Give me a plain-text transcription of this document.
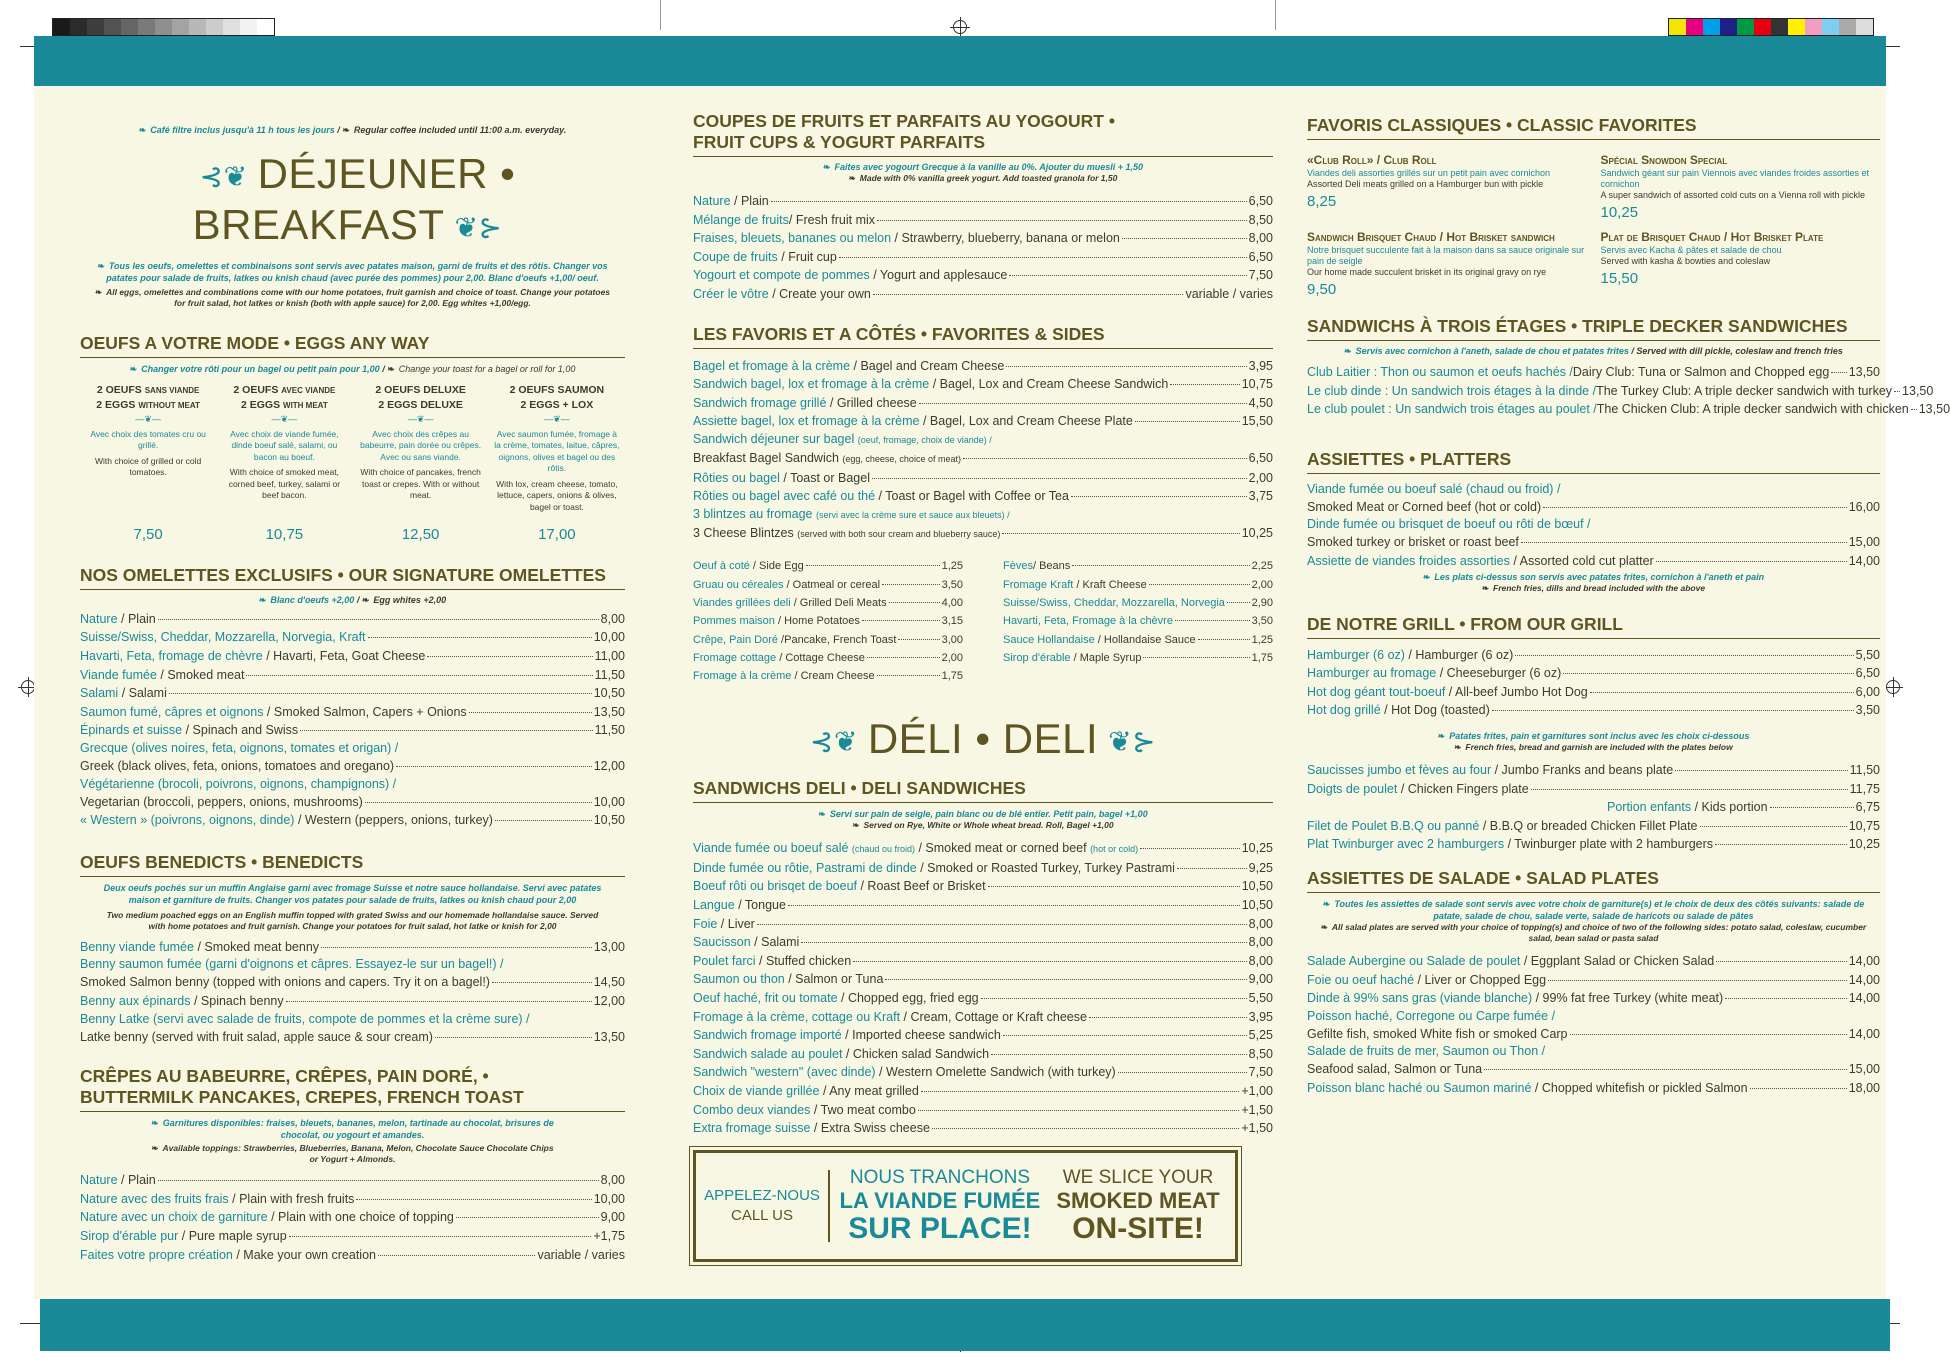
❧ Café filtre inclus jusqu'à 11 h tous les jours / ❧ Regular coffee included until 11:00 a.m. everyday.
⊰❦ DÉJEUNER • BREAKFAST ❦⊱
❧ Tous les oeufs, omelettes et combinaisons sont servis avec patates maison, garni de fruits et des rôtis. Changer vos patates pour salade de fruits, latkes ou knish chaud (avec purée des pommes) pour 2,00. Blanc d'oeufs +1,00/ oeuf.
❧ All eggs, omelettes and combinations come with our home potatoes, fruit garnish and choice of toast. Change your potatoes for fruit salad, hot latkes or knish (both with apple sauce) for 2,00. Egg whites +1,00/egg.
OEUFS A VOTRE MODE • EGGS ANY WAY
❧ Changer votre rôti pour un bagel ou petit pain pour 1,00 / ❧ Change your toast for a bagel or roll for 1,00
2 OEUFS SANS VIANDE
2 EGGS WITHOUT MEAT
—❦—
Avec choix des tomates cru ou grillé.
With choice of grilled or cold tomatoes.
7,50
2 OEUFS AVEC VIANDE
2 EGGS WITH MEAT
—❦—
Avec choix de viande fumée, dinde boeuf salé, salami, ou bacon au boeuf.
With choice of smoked meat, corned beef, turkey, salami or beef bacon.
10,75
2 OEUFS DELUXE
2 EGGS DELUXE
—❦—
Avec choix des crêpes au babeurre, pain dorée ou crêpes. Avec ou sans viande.
With choice of pancakes, french toast or crepes. With or without meat.
12,50
2 OEUFS SAUMON
2 EGGS + LOX
—❦—
Avec saumon fumée, fromage à la crème, tomates, laitue, câpres, oignons, olives et bagel ou des rôtis.
With lox, cream cheese, tomato, lettuce, capers, onions & olives, bagel or toast.
17,00
NOS OMELETTES EXCLUSIFS • OUR SIGNATURE OMELETTES
❧ Blanc d'oeufs +2,00 / ❧ Egg whites +2,00
Nature / Plain	8,00
Suisse/Swiss, Cheddar, Mozzarella, Norvegia, Kraft	10,00
Havarti, Feta, fromage de chèvre / Havarti, Feta, Goat Cheese	11,00
Viande fumée / Smoked meat	11,50
Salami / Salami	10,50
Saumon fumé, câpres et oignons / Smoked Salmon, Capers + Onions	13,50
Épinards et suisse / Spinach and Swiss	11,50
Grecque (olives noires, feta, oignons, tomates et origan) /
Greek (black olives, feta, onions, tomatoes and oregano)	12,00
Végétarienne (brocoli, poivrons, oignons, champignons) /
Vegetarian (broccoli, peppers, onions, mushrooms)	10,00
« Western » (poivrons, oignons, dinde) / Western (peppers, onions, turkey)	10,50
OEUFS BENEDICTS • BENEDICTS
Deux oeufs pochés sur un muffin Anglaise garni avec fromage Suisse et notre sauce hollandaise. Servi avec patates maison et garniture de fruits. Changer vos patates pour salade de fruits, latkes ou knish chaud pour 2,00
Two medium poached eggs on an English muffin topped with grated Swiss and our homemade hollandaise sauce. Served with home potatoes and fruit garnish. Change your potatoes for fruit salad, hot latke or knish for 2,00
Benny viande fumée / Smoked meat benny	13,00
Benny saumon fumée (garni d'oignons et câpres. Essayez-le sur un bagel!) /
Smoked Salmon benny (topped with onions and capers. Try it on a bagel!)	14,50
Benny aux épinards / Spinach benny	12,00
Benny Latke (servi avec salade de fruits, compote de pommes et la crème sure) /
Latke benny (served with fruit salad, apple sauce & sour cream)	13,50
CRÊPES AU BABEURRE, CRÊPES, PAIN DORÉ, •
BUTTERMILK PANCAKES, CREPES, FRENCH TOAST
❧ Garnitures disponibles: fraises, bleuets, bananes, melon, tartinade au chocolat, brisures de chocolat, ou yogourt et amandes.
❧ Available toppings: Strawberries, Blueberries, Banana, Melon, Chocolate Sauce Chocolate Chips or Yogurt + Almonds.
Nature / Plain	8,00
Nature avec des fruits frais / Plain with fresh fruits	10,00
Nature avec un choix de garniture / Plain with one choice of topping	9,00
Sirop d'érable pur / Pure maple syrup	+1,75
Faites votre propre création / Make your own creation	variable / varies
COUPES DE FRUITS ET PARFAITS AU YOGOURT •
FRUIT CUPS & YOGURT PARFAITS
❧ Faites avec yogourt Grecque à la vanille au 0%. Ajouter du muesli + 1,50
❧ Made with 0% vanilla greek yogurt. Add toasted granola for 1,50
Nature / Plain	6,50
Mélange de fruits/ Fresh fruit mix	8,50
Fraises, bleuets, bananes ou melon / Strawberry, blueberry, banana or melon	8,00
Coupe de fruits / Fruit cup	6,50
Yogourt et compote de pommes / Yogurt and applesauce	7,50
Créer le vôtre / Create your own	variable / varies
LES FAVORIS ET A CÔTÉS • FAVORITES & SIDES
Bagel et fromage à la crème / Bagel and Cream Cheese	3,95
Sandwich bagel, lox et fromage à la crème / Bagel, Lox and Cream Cheese Sandwich	10,75
Sandwich fromage grillé / Grilled cheese	4,50
Assiette bagel, lox et fromage à la crème / Bagel, Lox and Cream Cheese Plate	15,50
Sandwich déjeuner sur bagel (oeuf, fromage, choix de viande) /
Breakfast Bagel Sandwich (egg, cheese, choice of meat)	6,50
Rôties ou bagel / Toast or Bagel	2,00
Rôties ou bagel avec café ou thé / Toast or Bagel with Coffee or Tea	3,75
3 blintzes au fromage (servi avec la crème sure et sauce aux bleuets) /
3 Cheese Blintzes (served with both sour cream and blueberry sauce)	10,25
Oeuf à coté / Side Egg	1,25
Gruau ou céreales / Oatmeal or cereal	3,50
Viandes grillées deli / Grilled Deli Meats	4,00
Pommes maison / Home Potatoes	3,15
Crêpe, Pain Doré /Pancake, French Toast	3,00
Fromage cottage / Cottage Cheese	2,00
Fromage à la crème / Cream Cheese	1,75
Fèves/ Beans	2,25
Fromage Kraft / Kraft Cheese	2,00
Suisse/Swiss, Cheddar, Mozzarella, Norvegia 2,90
Havarti, Feta, Fromage à la chèvre	3,50
Sauce Hollandaise / Hollandaise Sauce	1,25
Sirop d'érable / Maple Syrup	1,75
⊰❦ DÉLI • DELI ❦⊱
SANDWICHS DELI • DELI SANDWICHES
❧ Servi sur pain de seigle, pain blanc ou de blé entier. Petit pain, bagel +1,00
❧ Served on Rye, White or Whole wheat bread. Roll, Bagel +1,00
Viande fumée ou boeuf salé (chaud ou froid) / Smoked meat or corned beef (hot or cold)	10,25
Dinde fumée ou rôtie, Pastrami de dinde / Smoked or Roasted Turkey, Turkey Pastrami	9,25
Boeuf rôti ou brisqet de boeuf / Roast Beef or Brisket	10,50
Langue / Tongue	10,50
Foie / Liver	8,00
Saucisson / Salami	8,00
Poulet farci / Stuffed chicken	8,00
Saumon ou thon / Salmon or Tuna	9,00
Oeuf haché, frit ou tomate / Chopped egg, fried egg	5,50
Fromage à la crème, cottage ou Kraft / Cream, Cottage or Kraft cheese	3,95
Sandwich fromage importé / Imported cheese sandwich	5,25
Sandwich salade au poulet / Chicken salad Sandwich	8,50
Sandwich "western" (avec dinde) / Western Omelette Sandwich (with turkey)	7,50
Choix de viande grillée / Any meat grilled	+1,00
Combo deux viandes / Two meat combo	+1,50
Extra fromage suisse / Extra Swiss cheese	+1,50
APPELEZ-NOUS
CALL US
NOUS TRANCHONS
LA VIANDE FUMÉE
SUR PLACE!
WE SLICE YOUR
SMOKED MEAT
ON-SITE!
FAVORIS CLASSIQUES • CLASSIC FAVORITES
«Club Roll» / Club Roll
Viandes deli assorties grillés sur un petit pain avec cornichon
Assorted Deli meats grilled on a Hamburger bun with pickle
8,25
Spécial Snowdon Special
Sandwich géant sur pain Viennois avec viandes froides assorties et cornichon
A super sandwich of assorted cold cuts on a Vienna roll with pickle
10,25
Sandwich Brisquet Chaud / Hot Brisket sandwich
Notre brisquet succulente fait à la maison dans sa sauce originale sur pain de seigle
Our home made succulent brisket in its original gravy on rye
9,50
Plat de Brisquet Chaud / Hot Brisket Plate
Servis avec Kacha & pâtes et salade de chou
Served with kasha & bowties and coleslaw
15,50
SANDWICHS À TROIS ÉTAGES • TRIPLE DECKER SANDWICHES
❧ Servis avec cornichon à l'aneth, salade de chou et patates frites / Served with dill pickle, coleslaw and french fries
Club Laitier : Thon ou saumon et oeufs hachés /Dairy Club: Tuna or Salmon and Chopped egg 13,50
Le club dinde : Un sandwich trois étages à la dinde /The Turkey Club: A triple decker sandwich with turkey 13,50
Le club poulet : Un sandwich trois étages au poulet /The Chicken Club: A triple decker sandwich with chicken 13,50
ASSIETTES • PLATTERS
Viande fumée ou boeuf salé (chaud ou froid) /
Smoked Meat or Corned beef (hot or cold)	16,00
Dinde fumée ou brisquet de boeuf ou rôti de bœuf /
Smoked turkey or brisket or roast beef	15,00
Assiette de viandes froides assorties / Assorted cold cut platter	14,00
❧ Les plats ci-dessus son servis avec patates frites, cornichon à l'aneth et pain
❧ French fries, dills and bread included with the above
DE NOTRE GRILL • FROM OUR GRILL
Hamburger (6 oz) / Hamburger (6 oz)	5,50
Hamburger au fromage / Cheeseburger (6 oz)	6,50
Hot dog géant tout-boeuf / All-beef Jumbo Hot Dog	6,00
Hot dog grillé / Hot Dog (toasted)	3,50
❧ Patates frites, pain et garnitures sont inclus avec les choix ci-dessous
❧ French fries, bread and garnish are included with the plates below
Saucisses jumbo et fèves au four / Jumbo Franks and beans plate	11,50
Doigts de poulet / Chicken Fingers plate	11,75
Portion enfants / Kids portion	6,75
Filet de Poulet B.B.Q ou panné / B.B.Q or breaded Chicken Fillet Plate	10,75
Plat Twinburger avec 2 hamburgers / Twinburger plate with 2 hamburgers	10,25
ASSIETTES DE SALADE • SALAD PLATES
❧ Toutes les assiettes de salade sont servis avec votre choix de garniture(s) et le choix de deux des côtés suivants: salade de patate, salade de chou, salade verte, salade de haricots ou salade de pâtes
❧ All salad plates are served with your choice of topping(s) and choice of two of the following sides: potato salad, coleslaw, cucumber salad, bean salad or pasta salad
Salade Aubergine ou Salade de poulet / Eggplant Salad or Chicken Salad	14,00
Foie ou oeuf haché / Liver or Chopped Egg	14,00
Dinde à 99% sans gras (viande blanche) / 99% fat free Turkey (white meat)	14,00
Poisson haché, Corregone ou Carpe fumée /
Gefilte fish, smoked White fish or smoked Carp	14,00
Salade de fruits de mer, Saumon ou Thon /
Seafood salad, Salmon or Tuna	15,00
Poisson blanc haché ou Saumon mariné / Chopped whitefish or pickled Salmon	18,00
